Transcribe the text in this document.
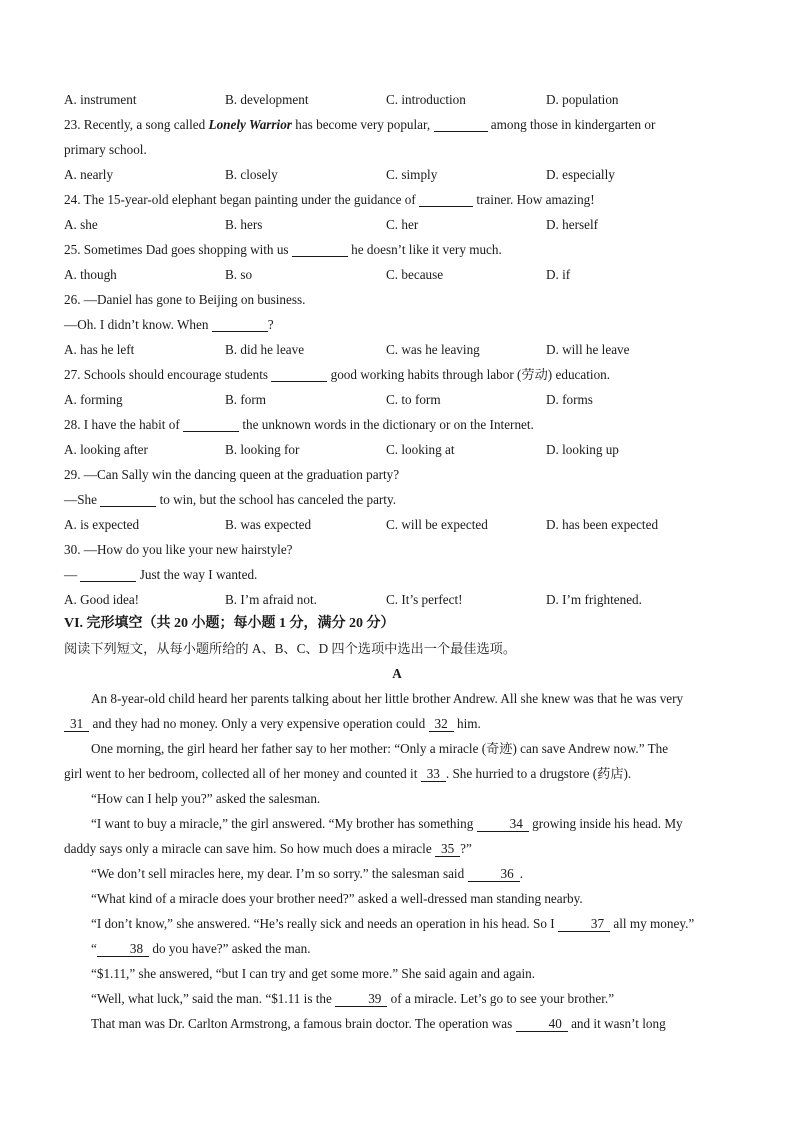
A. instrument	B. development	C. introduction	D. population
23. Recently, a song called Lonely Warrior has become very popular,	among those in kindergarten or
primary school.
A. nearly	B. closely	C. simply	D. especially
24. The 15-year-old elephant began painting under the guidance of	trainer. How amazing!
A. she	B. hers	C. her	D. herself
25. Sometimes Dad goes shopping with us	he doesn’t like it very much.
A. though	B. so	C. because	D. if
26. —Daniel has gone to Beijing on business.
—Oh. I didn’t know. When	?
A. has he left	B. did he leave	C. was he leaving	D. will he leave
27. Schools should encourage students	good working habits through labor (劳动) education.
A. forming	B. form	C. to form	D. forms
28. I have the habit of	the unknown words in the dictionary or on the Internet.
A. looking after	B. looking for	C. looking at	D. looking up
29. —Can Sally win the dancing queen at the graduation party?
—She	to win, but the school has canceled the party.
A. is expected	B. was expected	C. will be expected	D. has been expected
30. —How do you like your new hairstyle?
—	Just the way I wanted.
A. Good idea!	B. I’m afraid not.	C. It’s perfect!	D. I’m frightened.
VI. 完形填空（共 20 小题；每小题 1 分，满分 20 分）
阅读下列短文，从每小题所给的 A、B、C、D 四个选项中选出一个最佳选项。
A
An 8-year-old child heard her parents talking about her little brother Andrew. All she knew was that he was very
31 and they had no money. Only a very expensive operation could 32 him.
One morning, the girl heard her father say to her mother: “Only a miracle (奇迹) can save Andrew now.” The
girl went to her bedroom, collected all of her money and counted it 33 . She hurried to a drugstore (药店).
“How can I help you?” asked the salesman.
“I want to buy a miracle,” the girl answered. “My brother has something	34 growing inside his head. My
daddy says only a miracle can save him. So how much does a miracle 35 ?”
“We don’t sell miracles here, my dear. I’m so sorry.” the salesman said	36 .
“What kind of a miracle does your brother need?” asked a well-dressed man standing nearby.
“I don’t know,” she answered. “He’s really sick and needs an operation in his head. So I	37 all my money.”
“	38 do you have?” asked the man.
“$1.11,” she answered, “but I can try and get some more.” She said again and again.
“Well, what luck,” said the man. “$1.11 is the	39 of a miracle. Let’s go to see your brother.”
That man was Dr. Carlton Armstrong, a famous brain doctor. The operation was	40 and it wasn’t long
